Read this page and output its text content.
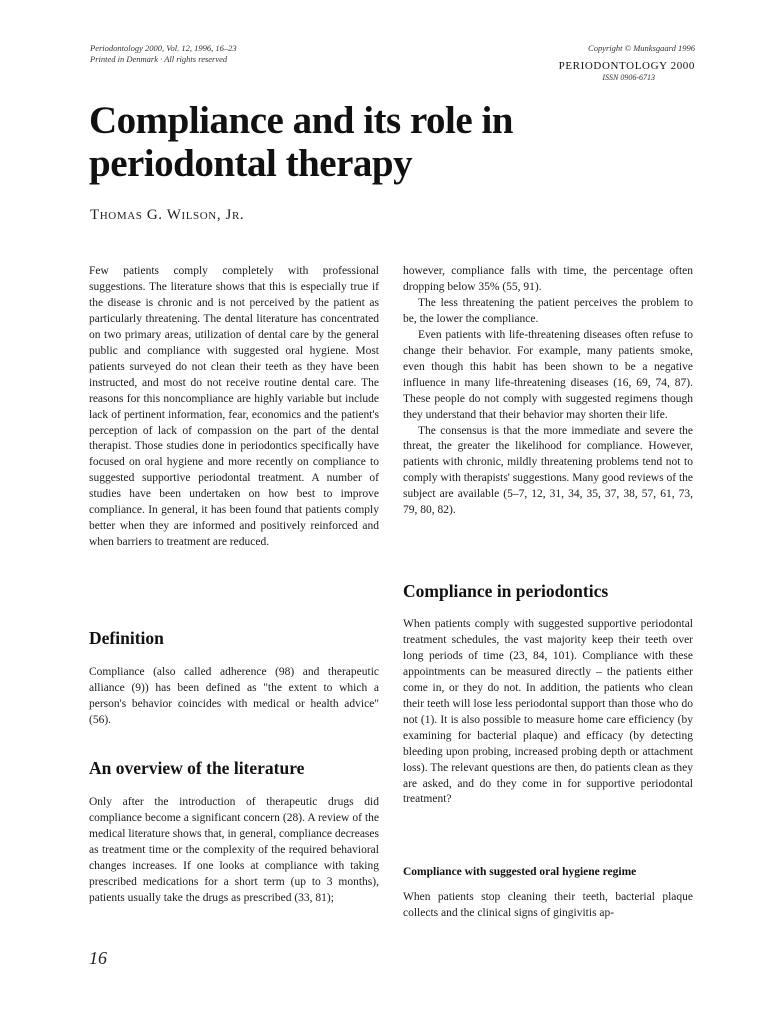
Periodontology 2000, Vol. 12, 1996, 16–23
Printed in Denmark · All rights reserved
Copyright © Munksgaard 1996
PERIODONTOLOGY 2000
ISSN 0906-6713
Compliance and its role in periodontal therapy
Thomas G. Wilson, Jr.

Few patients comply completely with professional suggestions. The literature shows that this is especially true if the disease is chronic and is not perceived by the patient as particularly threatening. The dental literature has concentrated on two primary areas, utilization of dental care by the general public and compliance with suggested oral hygiene. Most patients surveyed do not clean their teeth as they have been instructed, and most do not receive routine dental care. The reasons for this noncompliance are highly variable but include lack of pertinent information, fear, economics and the patient's perception of lack of compassion on the part of the dental therapist. Those studies done in periodontics specifically have focused on oral hygiene and more recently on compliance to suggested supportive periodontal treatment. A number of studies have been undertaken on how best to improve compliance. In general, it has been found that patients comply better when they are informed and positively reinforced and when barriers to treatment are reduced.

Definition

Compliance (also called adherence (98) and therapeutic alliance (9)) has been defined as "the extent to which a person's behavior coincides with medical or health advice" (56).

An overview of the literature

Only after the introduction of therapeutic drugs did compliance become a significant concern (28). A review of the medical literature shows that, in general, compliance decreases as treatment time or the complexity of the required behavioral changes increases. If one looks at compliance with taking prescribed medications for a short term (up to 3 months), patients usually take the drugs as prescribed (33, 81);

however, compliance falls with time, the percentage often dropping below 35% (55, 91).

The less threatening the patient perceives the problem to be, the lower the compliance.

Even patients with life-threatening diseases often refuse to change their behavior. For example, many patients smoke, even though this habit has been shown to be a negative influence in many life-threatening diseases (16, 69, 74, 87). These people do not comply with suggested regimens though they understand that their behavior may shorten their life.

The consensus is that the more immediate and severe the threat, the greater the likelihood for compliance. However, patients with chronic, mildly threatening problems tend not to comply with therapists' suggestions. Many good reviews of the subject are available (5–7, 12, 31, 34, 35, 37, 38, 57, 61, 73, 79, 80, 82).

Compliance in periodontics

When patients comply with suggested supportive periodontal treatment schedules, the vast majority keep their teeth over long periods of time (23, 84, 101). Compliance with these appointments can be measured directly – the patients either come in, or they do not. In addition, the patients who clean their teeth will lose less periodontal support than those who do not (1). It is also possible to measure home care efficiency (by examining for bacterial plaque) and efficacy (by detecting bleeding upon probing, increased probing depth or attachment loss). The relevant questions are then, do patients clean as they are asked, and do they come in for supportive periodontal treatment?

Compliance with suggested oral hygiene regime

When patients stop cleaning their teeth, bacterial plaque collects and the clinical signs of gingivitis ap-

16
